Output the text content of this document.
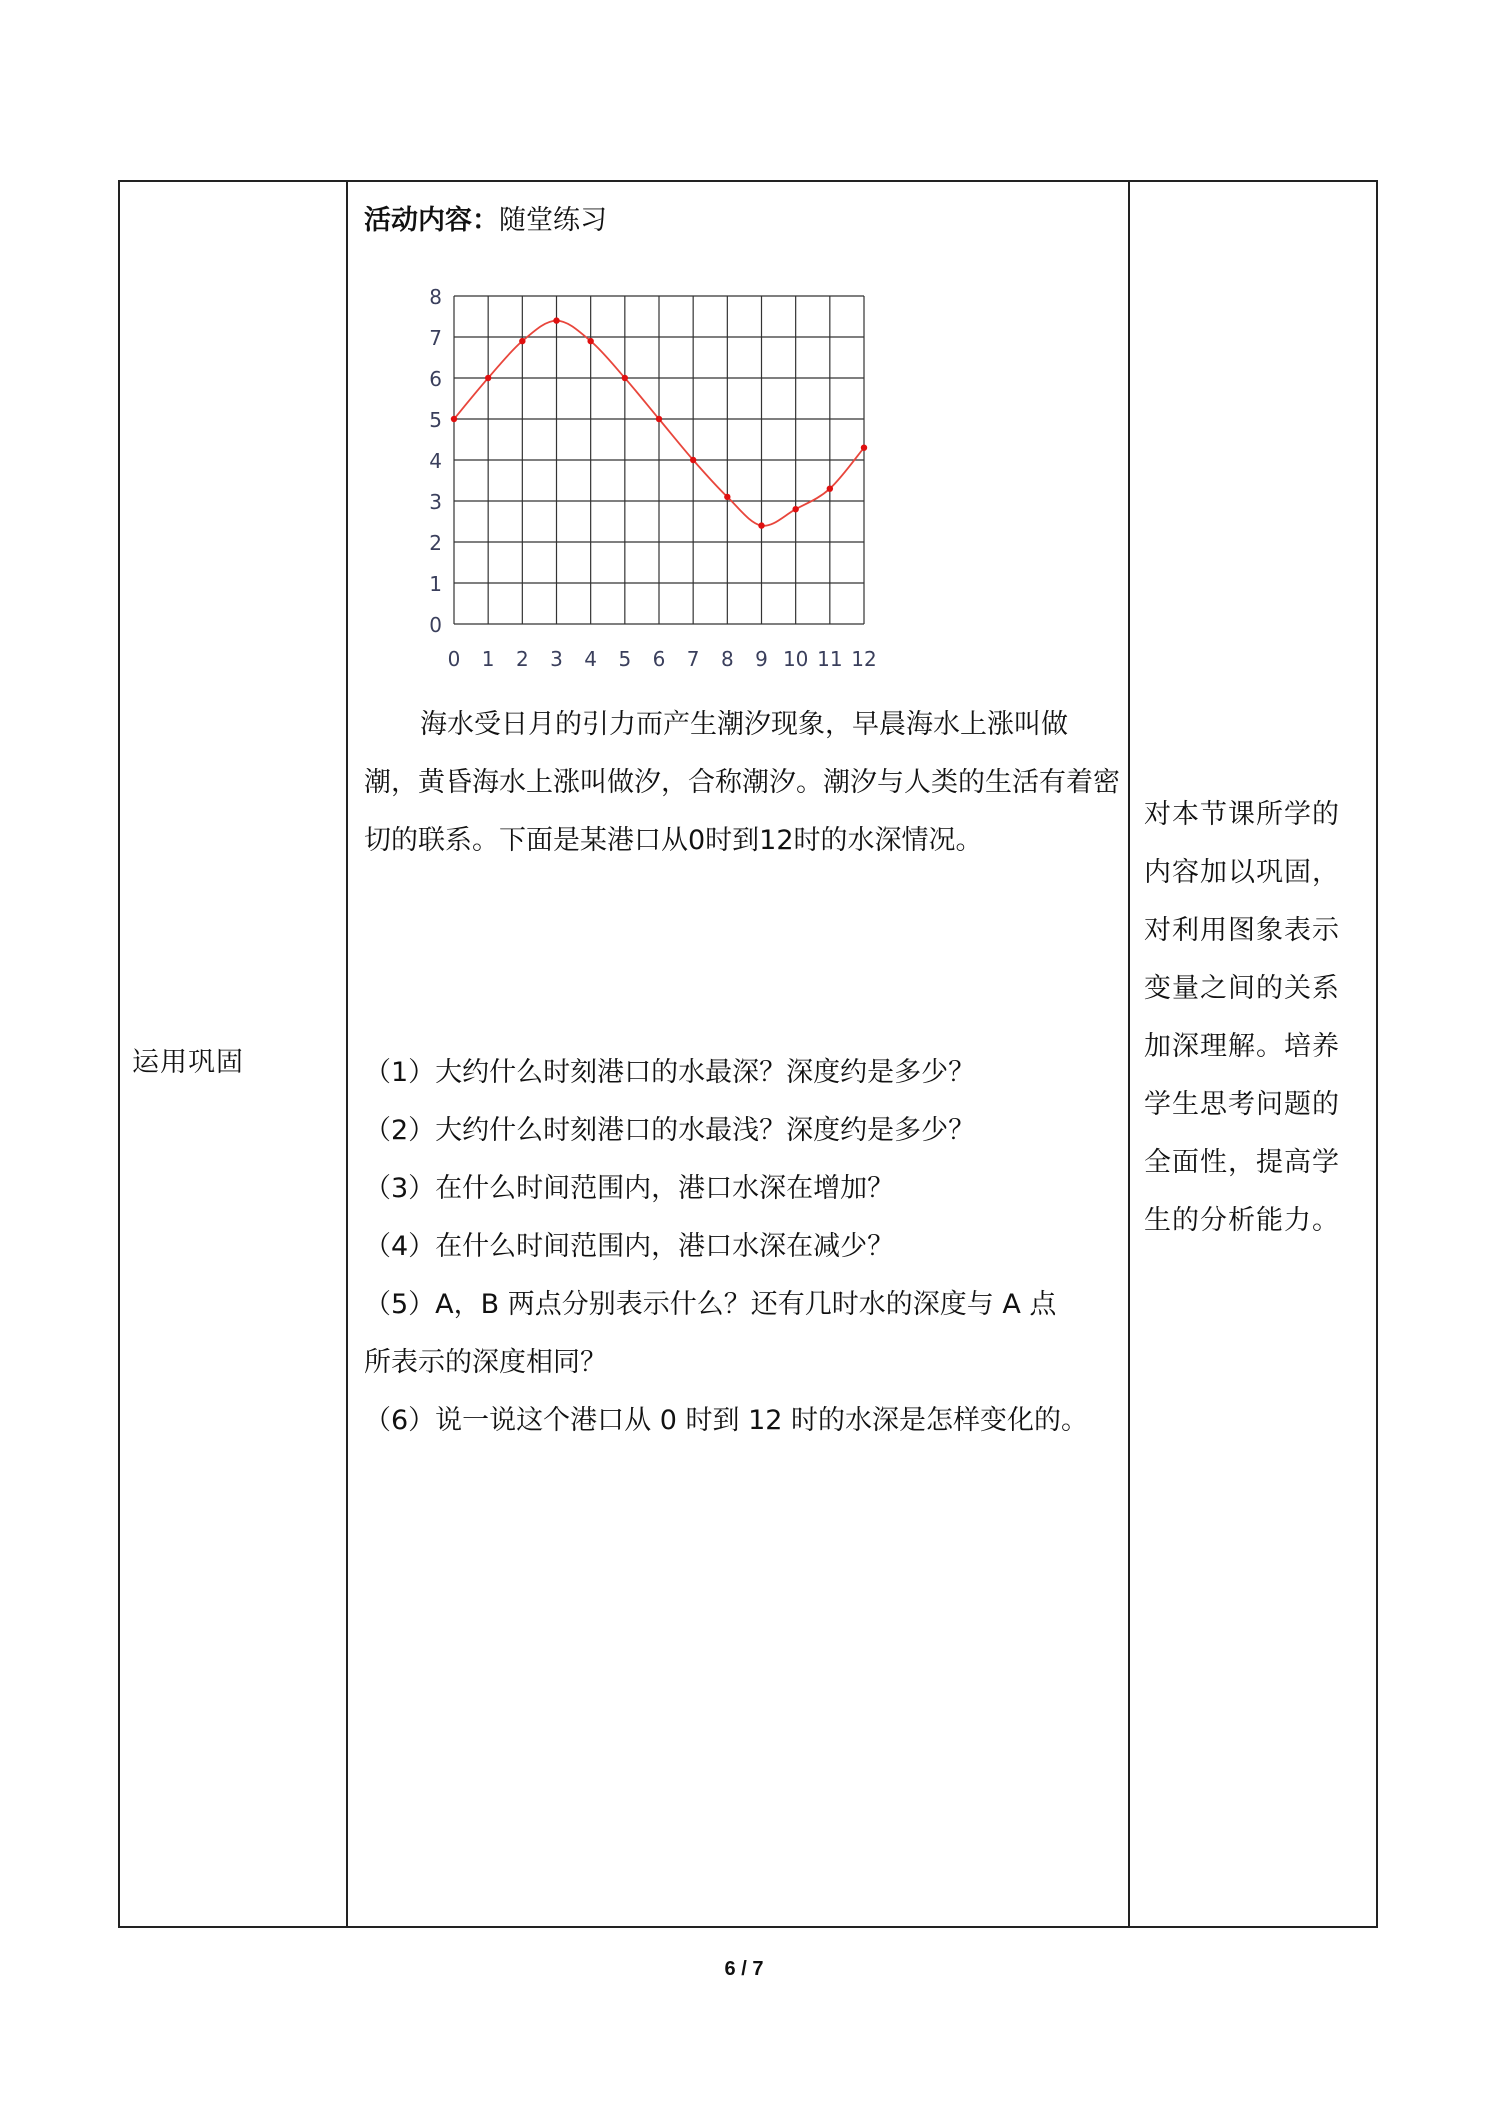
运用巩固
活动内容：随堂练习
0
1
2
3
4
5
6
7
8
0 1 2 3 4 5 6 7 8 9 10 11 12
海水受日月的引力而产生潮汐现象，早晨海水上涨叫做潮，黄昏海水上涨叫做汐，合称潮汐。潮汐与人类的生活有着密切的联系。下面是某港口从0时到12时的水深情况。
（1）大约什么时刻港口的水最深？深度约是多少？
（2）大约什么时刻港口的水最浅？深度约是多少？
（3）在什么时间范围内，港口水深在增加？
（4）在什么时间范围内，港口水深在减少？
（5）A，B 两点分别表示什么？还有几时水的深度与 A 点
所表示的深度相同？
（6）说一说这个港口从 0 时到 12 时的水深是怎样变化的。
对本节课所学的内容加以巩固，对利用图象表示变量之间的关系加深理解。培养学生思考问题的全面性，提高学生的分析能力。
6 / 7
